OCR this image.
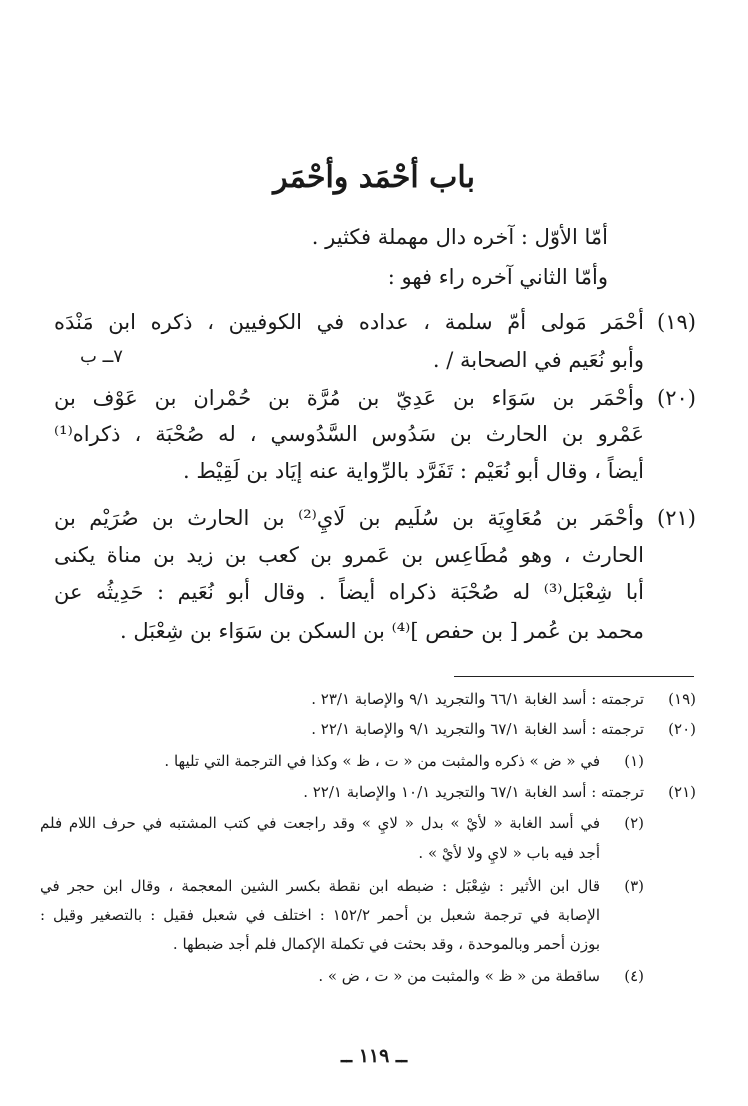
باب أحْمَد وأحْمَر
أمّا الأوّل : آخره دال مهملة فكثير .
وأمّا الثاني آخره راء فهو :
(١٩)
أحْمَر مَولى أمّ سلمة ، عداده في الكوفيين ، ذكره ابن مَنْدَه
وأبو نُعَيم في الصحابة / .
٧ــ ب
(٢٠)
وأحْمَر بن سَوَاء بن عَدِيّ بن مُرَّة بن حُمْران بن عَوْف بن
عَمْرو بن الحارث بن سَدُوس السَّدُوسي ، له صُحْبَة ، ذكراه⁽¹⁾
أيضاً ، وقال أبو نُعَيْم : تَفَرَّد بالرِّواية عنه إيَاد بن لَقِيْط .
(٢١)
وأحْمَر بن مُعَاوِيَة بن سُلَيم بن لَايِ⁽²⁾ بن الحارث بن صُرَيْم بن
الحارث ، وهو مُطَاعِس بن عَمرو بن كعب بن زيد بن مناة يكنى
أبا شِعْبَل⁽³⁾ له صُحْبَة ذكراه أيضاً . وقال أبو نُعَيم : حَدِيثُه عن
محمد بن عُمر [ بن حفص ]⁽⁴⁾ بن السكن بن سَوَاء بن شِعْبَل .
(١٩)
ترجمته : أسد الغابة ٦٦/١ والتجريد ٩/١ والإصابة ٢٣/١ .
(٢٠)
ترجمته : أسد الغابة ٦٧/١ والتجريد ٩/١ والإصابة ٢٢/١ .
(١)
في « ض » ذكره والمثبت من « ت ، ظ » وكذا في الترجمة التي تليها .
(٢١)
ترجمته : أسد الغابة ٦٧/١ والتجريد ١٠/١ والإصابة ٢٢/١ .
(٢)
في أسد الغابة « لأيْ » بدل « لايِ » وقد راجعت في كتب المشتبه في حرف اللام فلم
أجد فيه باب « لايِ ولا لأيْ » .
(٣)
قال ابن الأثير : شِعْبَل : ضبطه ابن نقطة بكسر الشين المعجمة ، وقال ابن حجر في
الإصابة في ترجمة شعبل بن أحمر ١٥٢/٢ : اختلف في شعبل فقيل : بالتصغير وقيل :
بوزن أحمر وبالموحدة ، وقد بحثت في تكملة الإكمال فلم أجد ضبطها .
(٤)
ساقطة من « ظ » والمثبت من « ت ، ض » .
ــ ١١٩ ــ
